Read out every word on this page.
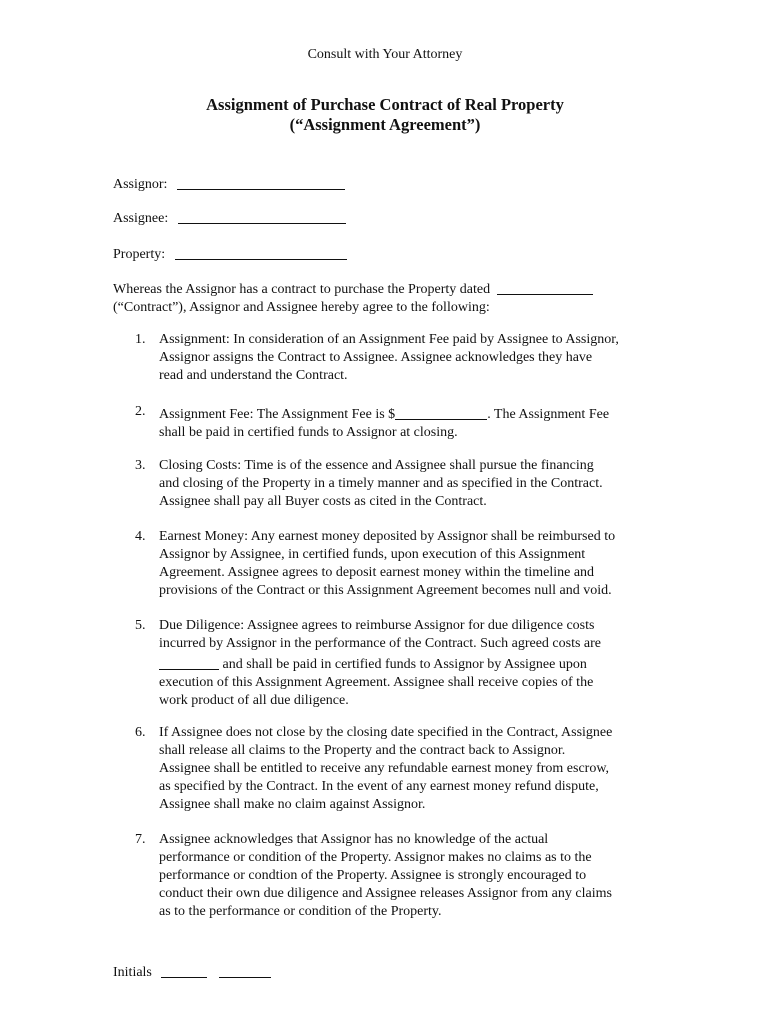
Consult with Your Attorney
Assignment of Purchase Contract of Real Property
(“Assignment Agreement”)
Assignor:
Assignee:
Property:
Whereas the Assignor has a contract to purchase the Property dated
(“Contract”), Assignor and Assignee hereby agree to the following:
1. Assignment: In consideration of an Assignment Fee paid by Assignee to Assignor,
Assignor assigns the Contract to Assignee. Assignee acknowledges they have
read and understand the Contract.
2. Assignment Fee: The Assignment Fee is $	. The Assignment Fee
shall be paid in certified funds to Assignor at closing.
3. Closing Costs: Time is of the essence and Assignee shall pursue the financing
and closing of the Property in a timely manner and as specified in the Contract.
Assignee shall pay all Buyer costs as cited in the Contract.
4. Earnest Money: Any earnest money deposited by Assignor shall be reimbursed to
Assignor by Assignee, in certified funds, upon execution of this Assignment
Agreement. Assignee agrees to deposit earnest money within the timeline and
provisions of the Contract or this Assignment Agreement becomes null and void.
5. Due Diligence: Assignee agrees to reimburse Assignor for due diligence costs
incurred by Assignor in the performance of the Contract. Such agreed costs are
and shall be paid in certified funds to Assignor by Assignee upon
execution of this Assignment Agreement. Assignee shall receive copies of the
work product of all due diligence.
6. If Assignee does not close by the closing date specified in the Contract, Assignee
shall release all claims to the Property and the contract back to Assignor.
Assignee shall be entitled to receive any refundable earnest money from escrow,
as specified by the Contract. In the event of any earnest money refund dispute,
Assignee shall make no claim against Assignor.
7. Assignee acknowledges that Assignor has no knowledge of the actual
performance or condition of the Property. Assignor makes no claims as to the
performance or condtion of the Property. Assignee is strongly encouraged to
conduct their own due diligence and Assignee releases Assignor from any claims
as to the performance or condition of the Property.
Initials
